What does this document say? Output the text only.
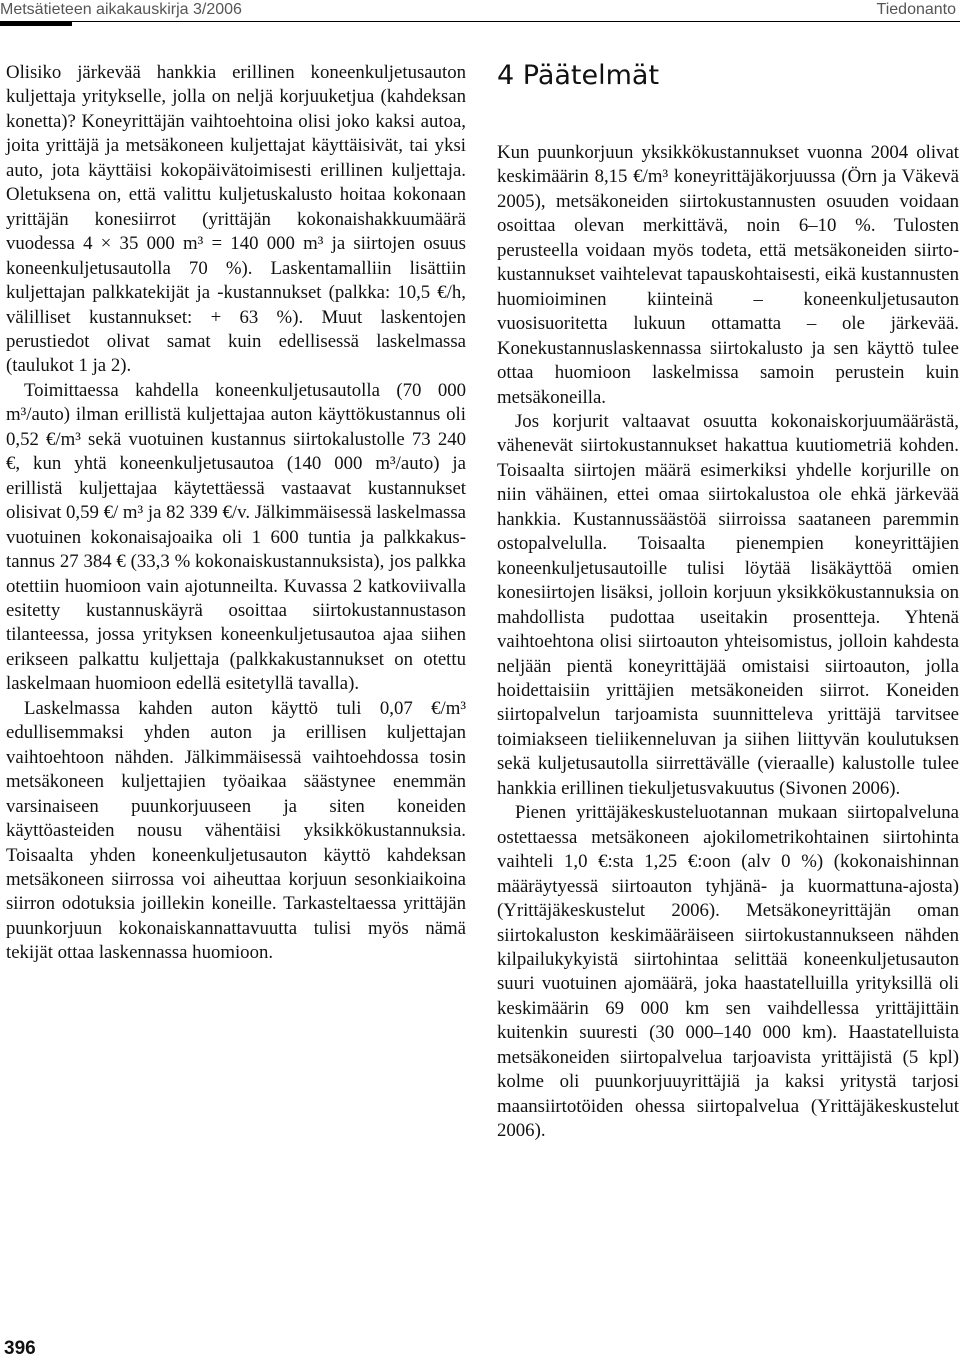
Metsätieteen aikakauskirja 3/2006	Tiedonanto

Olisiko järkevää hankkia erillinen koneenkuljetusauton kuljettaja yritykselle, jolla on neljä korjuuketjua (kahdeksan konetta)? Koneyrittäjän vaihtoehtoina olisi joko kaksi autoa, joita yrittäjä ja metsäkoneen kuljettajat käyttäisivät, tai yksi auto, jota käyttäisi kokopäivätoimisesti erillinen kuljettaja. Oletuksena on, että valittu kuljetuskalusto hoitaa kokonaan yrittäjän konesiirrot (yrittäjän kokonaishakkuumäärä vuodessa 4 × 35 000 m³ = 140 000 m³ ja siirtojen osuus koneenkuljetusautolla 70 %). Laskentamalliin lisättiin kuljettajan palkkatekijät ja -kustannukset (palkka: 10,5 €/h, välilliset kustannukset: + 63 %). Muut laskentojen perustiedot olivat samat kuin edellisessä laskelmassa (taulukot 1 ja 2).

Toimittaessa kahdella koneenkuljetusautolla (70 000 m³/auto) ilman erillistä kuljettajaa auton käyttökustannus oli 0,52 €/m³ sekä vuotuinen kustannus siirtokalustolle 73 240 €, kun yhtä koneenkuljetusautoa (140 000 m³/auto) ja erillistä kuljettajaa käytettäessä vastaavat kustannukset olisivat 0,59 €/ m³ ja 82 339 €/v. Jälkimmäisessä laskelmassa vuotuinen kokonaisajoaika oli 1 600 tuntia ja palkkakustannus 27 384 € (33,3 % kokonaiskustannuksista), jos palkka otettiin huomioon vain ajotunneilta. Kuvassa 2 katkoviivalla esitetty kustannuskäyrä osoittaa siirtokustannustason tilanteessa, jossa yrityksen koneenkuljetusautoa ajaa siihen erikseen palkattu kuljettaja (palkkakustannukset on otettu laskelmaan huomioon edellä esitetyllä tavalla).

Laskelmassa kahden auton käyttö tuli 0,07 €/m³ edullisemmaksi yhden auton ja erillisen kuljettajan vaihtoehtoon nähden. Jälkimmäisessä vaihtoehdossa tosin metsäkoneen kuljettajien työaikaa säästynee enemmän varsinaiseen puunkorjuuseen ja siten koneiden käyttöasteiden nousu vähentäisi yksikkökustannuksia. Toisaalta yhden koneenkuljetusauton käyttö kahdeksan metsäkoneen siirrossa voi aiheuttaa korjuun sesonkiaikoina siirron odotuksia joillekin koneille. Tarkasteltaessa yrittäjän puunkorjuun kokonaiskannattavuutta tulisi myös nämä tekijät ottaa laskennassa huomioon.

4 Päätelmät

Kun puunkorjuun yksikkökustannukset vuonna 2004 olivat keskimäärin 8,15 €/m³ koneyrittäjäkorjuussa (Örn ja Väkevä 2005), metsäkoneiden siirtokustannusten osuuden voidaan osoittaa olevan merkittävä, noin 6–10 %. Tulosten perusteella voidaan myös todeta, että metsäkoneiden siirtokustannukset vaihtelevat tapauskohtaisesti, eikä kustannusten huomioiminen kiinteinä – koneenkuljetusauton vuosisuoritetta lukuun ottamatta – ole järkevää. Konekustannuslaskennassa siirtokalusto ja sen käyttö tulee ottaa huomioon laskelmissa samoin perustein kuin metsäkoneilla.

Jos korjurit valtaavat osuutta kokonaiskorjuumäärästä, vähenevät siirtokustannukset hakattua kuutiometriä kohden. Toisaalta siirtojen määrä esimerkiksi yhdelle korjurille on niin vähäinen, ettei omaa siirtokalustoa ole ehkä järkevää hankkia. Kustannussäästöä siirroissa saataneen paremmin ostopalvelulla. Toisaalta pienempien koneyrittäjien koneenkuljetusautoille tulisi löytää lisäkäyttöä omien konesiirtojen lisäksi, jolloin korjuun yksikkökustannuksia on mahdollista pudottaa useitakin prosentteja. Yhtenä vaihtoehtona olisi siirtoauton yhteisomistus, jolloin kahdesta neljään pientä koneyrittäjää omistaisi siirtoauton, jolla hoidettaisiin yrittäjien metsäkoneiden siirrot. Koneiden siirtopalvelun tarjoamista suunnitteleva yrittäjä tarvitsee toimiakseen tieliikenneluvan ja siihen liittyvän koulutuksen sekä kuljetusautolla siirrettävälle (vieraalle) kalustolle tulee hankkia erillinen tiekuljetusvakuutus (Sivonen 2006).

Pienen yrittäjäkeskusteluotannan mukaan siirtopalveluna ostettaessa metsäkoneen ajokilometrikohtainen siirtohinta vaihteli 1,0 €:sta 1,25 €:oon (alv 0 %) (kokonaishinnan määräytyessä siirtoauton tyhjänä- ja kuormattuna-ajosta) (Yrittäjäkeskustelut 2006). Metsäkoneyrittäjän oman siirtokaluston keskimääräiseen siirtokustannukseen nähden kilpailukykyistä siirtohintaa selittää koneenkuljetusauton suuri vuotuinen ajomäärä, joka haastatelluilla yrityksillä oli keskimäärin 69 000 km sen vaihdellessa yrittäjittäin kuitenkin suuresti (30 000–140 000 km). Haastatelluista metsäkoneiden siirtopalvelua tarjoavista yrittäjistä (5 kpl) kolme oli puunkorjuuyrittäjiä ja kaksi yritystä tarjosi maansiirtotöiden ohessa siirtopalvelua (Yrittäjäkeskustelut 2006).

396
